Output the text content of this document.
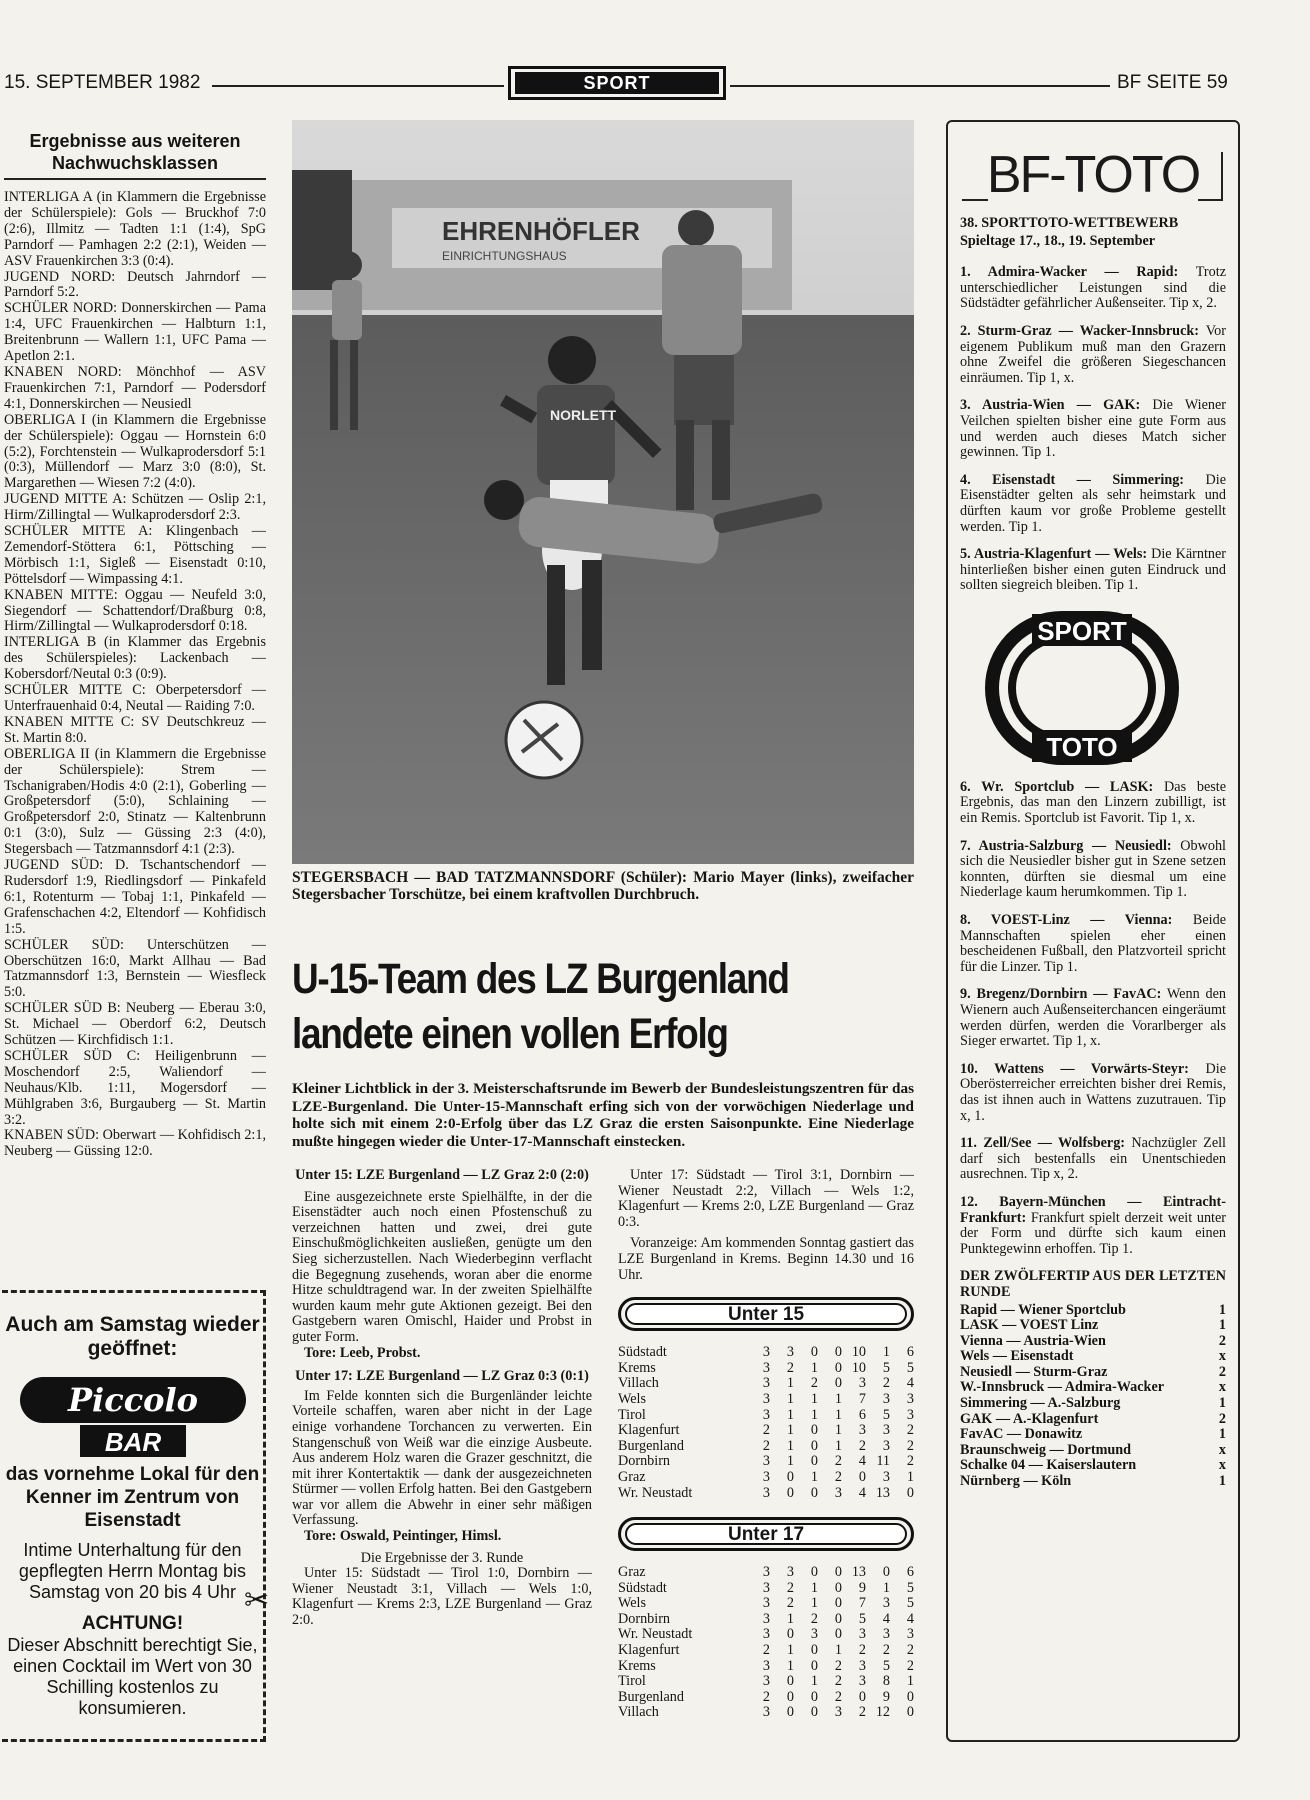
15. SEPTEMBER 1982	SPORT	BF SEITE 59
Ergebnisse aus weiteren Nachwuchsklassen

INTERLIGA A (in Klammern die Ergebnisse der Schülerspiele): Gols — Bruckhof 7:0 (2:6), Illmitz — Tadten 1:1 (1:4), SpG Parndorf — Pamhagen 2:2 (2:1), Weiden — ASV Frauenkirchen 3:3 (0:4).

JUGEND NORD: Deutsch Jahrndorf — Parndorf 5:2.

SCHÜLER NORD: Donnerskirchen — Pama 1:4, UFC Frauenkirchen — Halbturn 1:1, Breitenbrunn — Wallern 1:1, UFC Pama — Apetlon 2:1.

KNABEN NORD: Mönchhof — ASV Frauenkirchen 7:1, Parndorf — Podersdorf 4:1, Donnerskirchen — Neusiedl

OBERLIGA I (in Klammern die Ergebnisse der Schülerspiele): Oggau — Hornstein 6:0 (5:2), Forchtenstein — Wulkaprodersdorf 5:1 (0:3), Müllendorf — Marz 3:0 (8:0), St. Margarethen — Wiesen 7:2 (4:0).

JUGEND MITTE A: Schützen — Oslip 2:1, Hirm/Zillingtal — Wulkaprodersdorf 2:3.

SCHÜLER MITTE A: Klingenbach — Zemendorf-Stöttera 6:1, Pöttsching — Mörbisch 1:1, Sigleß — Eisenstadt 0:10, Pöttelsdorf — Wimpassing 4:1.

KNABEN MITTE: Oggau — Neufeld 3:0, Siegendorf — Schattendorf/Draßburg 0:8, Hirm/Zillingtal — Wulkaprodersdorf 0:18.

INTERLIGA B (in Klammer das Ergebnis des Schülerspieles): Lackenbach — Kobersdorf/Neutal 0:3 (0:9).

SCHÜLER MITTE C: Oberpetersdorf — Unterfrauenhaid 0:4, Neutal — Raiding 7:0.

KNABEN MITTE C: SV Deutschkreuz — St. Martin 8:0.

OBERLIGA II (in Klammern die Ergebnisse der Schülerspiele): Strem — Tschanigraben/Hodis 4:0 (2:1), Goberling — Großpetersdorf (5:0), Schlaining — Großpetersdorf 2:0, Stinatz — Kaltenbrunn 0:1 (3:0), Sulz — Güssing 2:3 (4:0), Stegersbach — Tatzmannsdorf 4:1 (2:3).

JUGEND SÜD: D. Tschantschendorf — Rudersdorf 1:9, Riedlingsdorf — Pinkafeld 6:1, Rotenturm — Tobaj 1:1, Pinkafeld — Grafenschachen 4:2, Eltendorf — Kohfidisch 1:5.

SCHÜLER SÜD: Unterschützen — Oberschützen 16:0, Markt Allhau — Bad Tatzmannsdorf 1:3, Bernstein — Wiesfleck 5:0.

SCHÜLER SÜD B: Neuberg — Eberau 3:0, St. Michael — Oberdorf 6:2, Deutsch Schützen — Kirchfidisch 1:1.

SCHÜLER SÜD C: Heiligenbrunn — Moschendorf 2:5, Waliendorf — Neuhaus/Klb. 1:11, Mogersdorf — Mühlgraben 3:6, Burgauberg — St. Martin 3:2.

KNABEN SÜD: Oberwart — Kohfidisch 2:1, Neuberg — Güssing 12:0.

Auch am Samstag wieder geöffnet:
Piccolo
BAR
das vornehme Lokal für den Kenner im Zentrum von Eisenstadt
Intime Unterhaltung für den gepflegten Herrn Montag bis Samstag von 20 bis 4 Uhr
ACHTUNG!
Dieser Abschnitt berechtigt Sie, einen Cocktail im Wert von 30 Schilling kostenlos zu konsumieren.
✂
EHRENHÖFLER
EINRICHTUNGSHAUS
NORLETT
STEGERSBACH — BAD TATZMANNSDORF (Schüler): Mario Mayer (links), zweifacher Stegersbacher Torschütze, bei einem kraftvollen Durchbruch.
U-15-Team des LZ Burgenland
landete einen vollen Erfolg
Kleiner Lichtblick in der 3. Meisterschaftsrunde im Bewerb der Bundesleistungszentren für das LZE-Burgenland. Die Unter-15-Mannschaft erfing sich von der vorwöchigen Niederlage und holte sich mit einem 2:0-Erfolg über das LZ Graz die ersten Saisonpunkte. Eine Niederlage mußte hingegen wieder die Unter-17-Mannschaft einstecken.

Unter 15: LZE Burgenland — LZ Graz 2:0 (2:0)

Eine ausgezeichnete erste Spielhälfte, in der die Eisenstädter auch noch einen Pfostenschuß zu verzeichnen hatten und zwei, drei gute Einschußmöglichkeiten ausließen, genügte um den Sieg sicherzustellen. Nach Wiederbeginn verflacht die Begegnung zusehends, woran aber die enorme Hitze schuldtragend war. In der zweiten Spielhälfte wurden kaum mehr gute Aktionen gezeigt. Bei den Gastgebern waren Omischl, Haider und Probst in guter Form.

Tore: Leeb, Probst.

Unter 17: LZE Burgenland — LZ Graz 0:3 (0:1)

Im Felde konnten sich die Burgenländer leichte Vorteile schaffen, waren aber nicht in der Lage einige vorhandene Torchancen zu verwerten. Ein Stangenschuß von Weiß war die einzige Ausbeute. Aus anderem Holz waren die Grazer geschnitzt, die mit ihrer Kontertaktik — dank der ausgezeichneten Stürmer — vollen Erfolg hatten. Bei den Gastgebern war vor allem die Abwehr in einer sehr mäßigen Verfassung.

Tore: Oswald, Peintinger, Himsl.

Die Ergebnisse der 3. Runde

Unter 15: Südstadt — Tirol 1:0, Dornbirn — Wiener Neustadt 3:1, Villach — Wels 1:0, Klagenfurt — Krems 2:3, LZE Burgenland — Graz 2:0.

Unter 17: Südstadt — Tirol 3:1, Dornbirn — Wiener Neustadt 2:2, Villach — Wels 1:2, Klagenfurt — Krems 2:0, LZE Burgenland — Graz 0:3.

Voranzeige: Am kommenden Sonntag gastiert das LZE Burgenland in Krems. Beginn 14.30 und 16 Uhr.

Unter 15
Südstadt	3	3	0	0	10	1	6
Krems	3	2	1	0	10	5	5
Villach	3	1	2	0	3	2	4
Wels	3	1	1	1	7	3	3
Tirol	3	1	1	1	6	5	3
Klagenfurt	2	1	0	1	3	3	2
Burgenland	2	1	0	1	2	3	2
Dornbirn	3	1	0	2	4	11	2
Graz	3	0	1	2	0	3	1
Wr. Neustadt	3	0	0	3	4	13	0
Unter 17
Graz	3	3	0	0	13	0	6
Südstadt	3	2	1	0	9	1	5
Wels	3	2	1	0	7	3	5
Dornbirn	3	1	2	0	5	4	4
Wr. Neustadt	3	0	3	0	3	3	3
Klagenfurt	2	1	0	1	2	2	2
Krems	3	1	0	2	3	5	2
Tirol	3	0	1	2	3	8	1
Burgenland	2	0	0	2	0	9	0
Villach	3	0	0	3	2	12	0
BF-TOTO

38. SPORTTOTO-WETTBEWERB

Spieltage 17., 18., 19. September

1. Admira-Wacker — Rapid: Trotz unterschiedlicher Leistungen sind die Südstädter gefährlicher Außenseiter. Tip x, 2.

2. Sturm-Graz — Wacker-Innsbruck: Vor eigenem Publikum muß man den Grazern ohne Zweifel die größeren Siegeschancen einräumen. Tip 1, x.

3. Austria-Wien — GAK: Die Wiener Veilchen spielten bisher eine gute Form aus und werden auch dieses Match sicher gewinnen. Tip 1.

4. Eisenstadt — Simmering: Die Eisenstädter gelten als sehr heimstark und dürften kaum vor große Probleme gestellt werden. Tip 1.

5. Austria-Klagenfurt — Wels: Die Kärntner hinterließen bisher einen guten Eindruck und sollten siegreich bleiben. Tip 1.

SPORT
TOTO

6. Wr. Sportclub — LASK: Das beste Ergebnis, das man den Linzern zubilligt, ist ein Remis. Sportclub ist Favorit. Tip 1, x.

7. Austria-Salzburg — Neusiedl: Obwohl sich die Neusiedler bisher gut in Szene setzen konnten, dürften sie diesmal um eine Niederlage kaum herumkommen. Tip 1.

8. VOEST-Linz — Vienna: Beide Mannschaften spielen eher einen bescheidenen Fußball, den Platzvorteil spricht für die Linzer. Tip 1.

9. Bregenz/Dornbirn — FavAC: Wenn den Wienern auch Außenseiterchancen eingeräumt werden dürfen, werden die Vorarlberger als Sieger erwartet. Tip 1, x.

10. Wattens — Vorwärts-Steyr: Die Oberösterreicher erreichten bisher drei Remis, das ist ihnen auch in Wattens zuzutrauen. Tip x, 1.

11. Zell/See — Wolfsberg: Nachzügler Zell darf sich bestenfalls ein Unentschieden ausrechnen. Tip x, 2.

12. Bayern-München — Eintracht-Frankfurt: Frankfurt spielt derzeit weit unter der Form und dürfte sich kaum einen Punktegewinn erhoffen. Tip 1.

DER ZWÖLFERTIP AUS DER LETZTEN RUNDE

Rapid — Wiener Sportclub	1
LASK — VOEST Linz	1
Vienna — Austria-Wien	2
Wels — Eisenstadt	x
Neusiedl — Sturm-Graz	2
W.-Innsbruck — Admira-Wacker	x
Simmering — A.-Salzburg	1
GAK — A.-Klagenfurt	2
FavAC — Donawitz	1
Braunschweig — Dortmund	x
Schalke 04 — Kaiserslautern	x
Nürnberg — Köln	1
